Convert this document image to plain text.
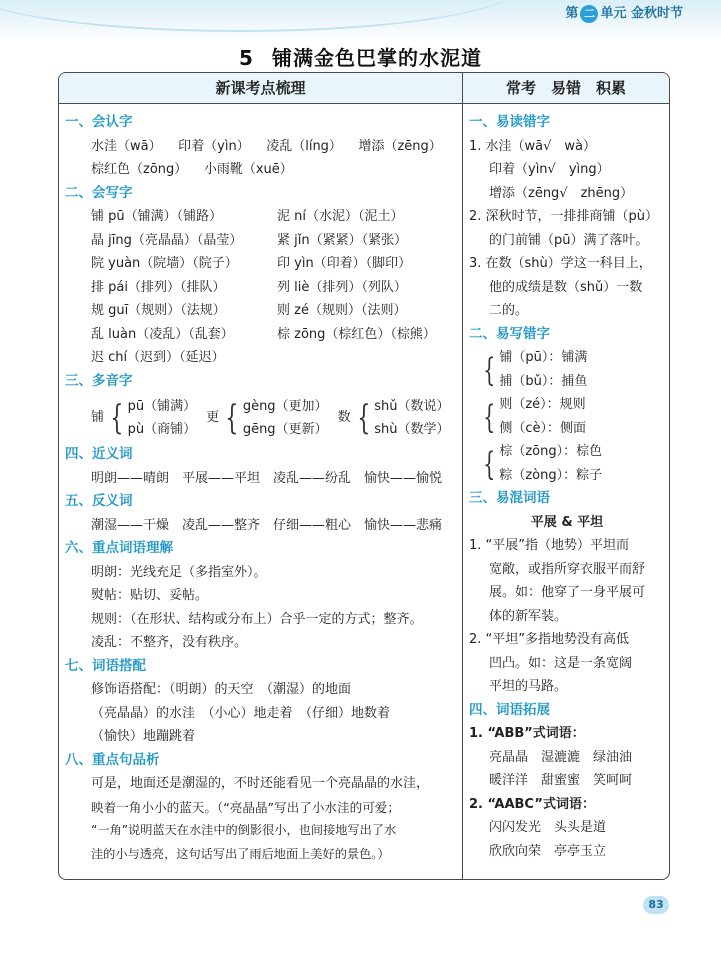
第 二 单元 金秋时节
5 铺满金色巴掌的水泥道
新课考点梳理	常考　易错　积累
一、会认字
水洼（wā） 印着（yìn） 凌乱（líng） 增添（zēng）
棕红色（zōng） 小雨靴（xuē）
二、会写字
铺 pū（铺满）（铺路）	泥 ní（水泥）（泥土）
晶 jīng（亮晶晶）（晶莹）	紧 jǐn（紧紧）（紧张）
院 yuàn（院墙）（院子）	印 yìn（印着）（脚印）
排 pái（排列）（排队）	列 liè（排列）（列队）
规 guī（规则）（法规）	则 zé（规则）（法则）
乱 luàn（凌乱）（乱套）	棕 zōng（棕红色）（棕熊）
迟 chí（迟到）（延迟）
三、多音字
铺 { pū（铺满）
pù（商铺）
更 { gèng（更加）
gēng（更新）
数 { shǔ（数说）
shù（数学）
四、近义词
明朗——晴朗　平展——平坦　凌乱——纷乱　愉快——愉悦
五、反义词
潮湿——干燥　凌乱——整齐　仔细——粗心　愉快——悲痛
六、重点词语理解
明朗：光线充足（多指室外）。
熨帖：贴切、妥帖。
规则：（在形状、结构或分布上）合乎一定的方式；整齐。
凌乱：不整齐，没有秩序。
七、词语搭配
修饰语搭配：（明朗）的天空　（潮湿）的地面
（亮晶晶）的水洼　（小心）地走着　（仔细）地数着
（愉快）地蹦跳着
八、重点句品析
可是，地面还是潮湿的，不时还能看见一个亮晶晶的水洼，
映着一角小小的蓝天。（“亮晶晶”写出了小水洼的可爱；
“一角”说明蓝天在水洼中的倒影很小，也间接地写出了水
洼的小与透亮，这句话写出了雨后地面上美好的景色。）
一、易读错字
1. 水洼（wā√　wà）
印着（yìn√　yìng）
增添（zēng√　zhēng）
2. 深秋时节，一排排商铺（pù）
的门前铺（pū）满了落叶。
3. 在数（shù）学这一科目上，
他的成绩是数（shǔ）一数
二的。
二、易写错字
{ 铺（pū）：铺满
捕（bǔ）：捕鱼
{ 则（zé）：规则
侧（cè）：侧面
{ 棕（zōng）：棕色
粽（zòng）：粽子
三、易混词语
平展 & 平坦
1. “平展”指（地势）平坦而
宽敞，或指所穿衣服平而舒
展。如：他穿了一身平展可
体的新军装。
2. “平坦”多指地势没有高低
凹凸。如：这是一条宽阔
平坦的马路。
四、词语拓展
1. “ABB”式词语：
亮晶晶　湿漉漉　绿油油
暖洋洋　甜蜜蜜　笑呵呵
2. “AABC”式词语：
闪闪发光　头头是道
欣欣向荣　亭亭玉立
83
